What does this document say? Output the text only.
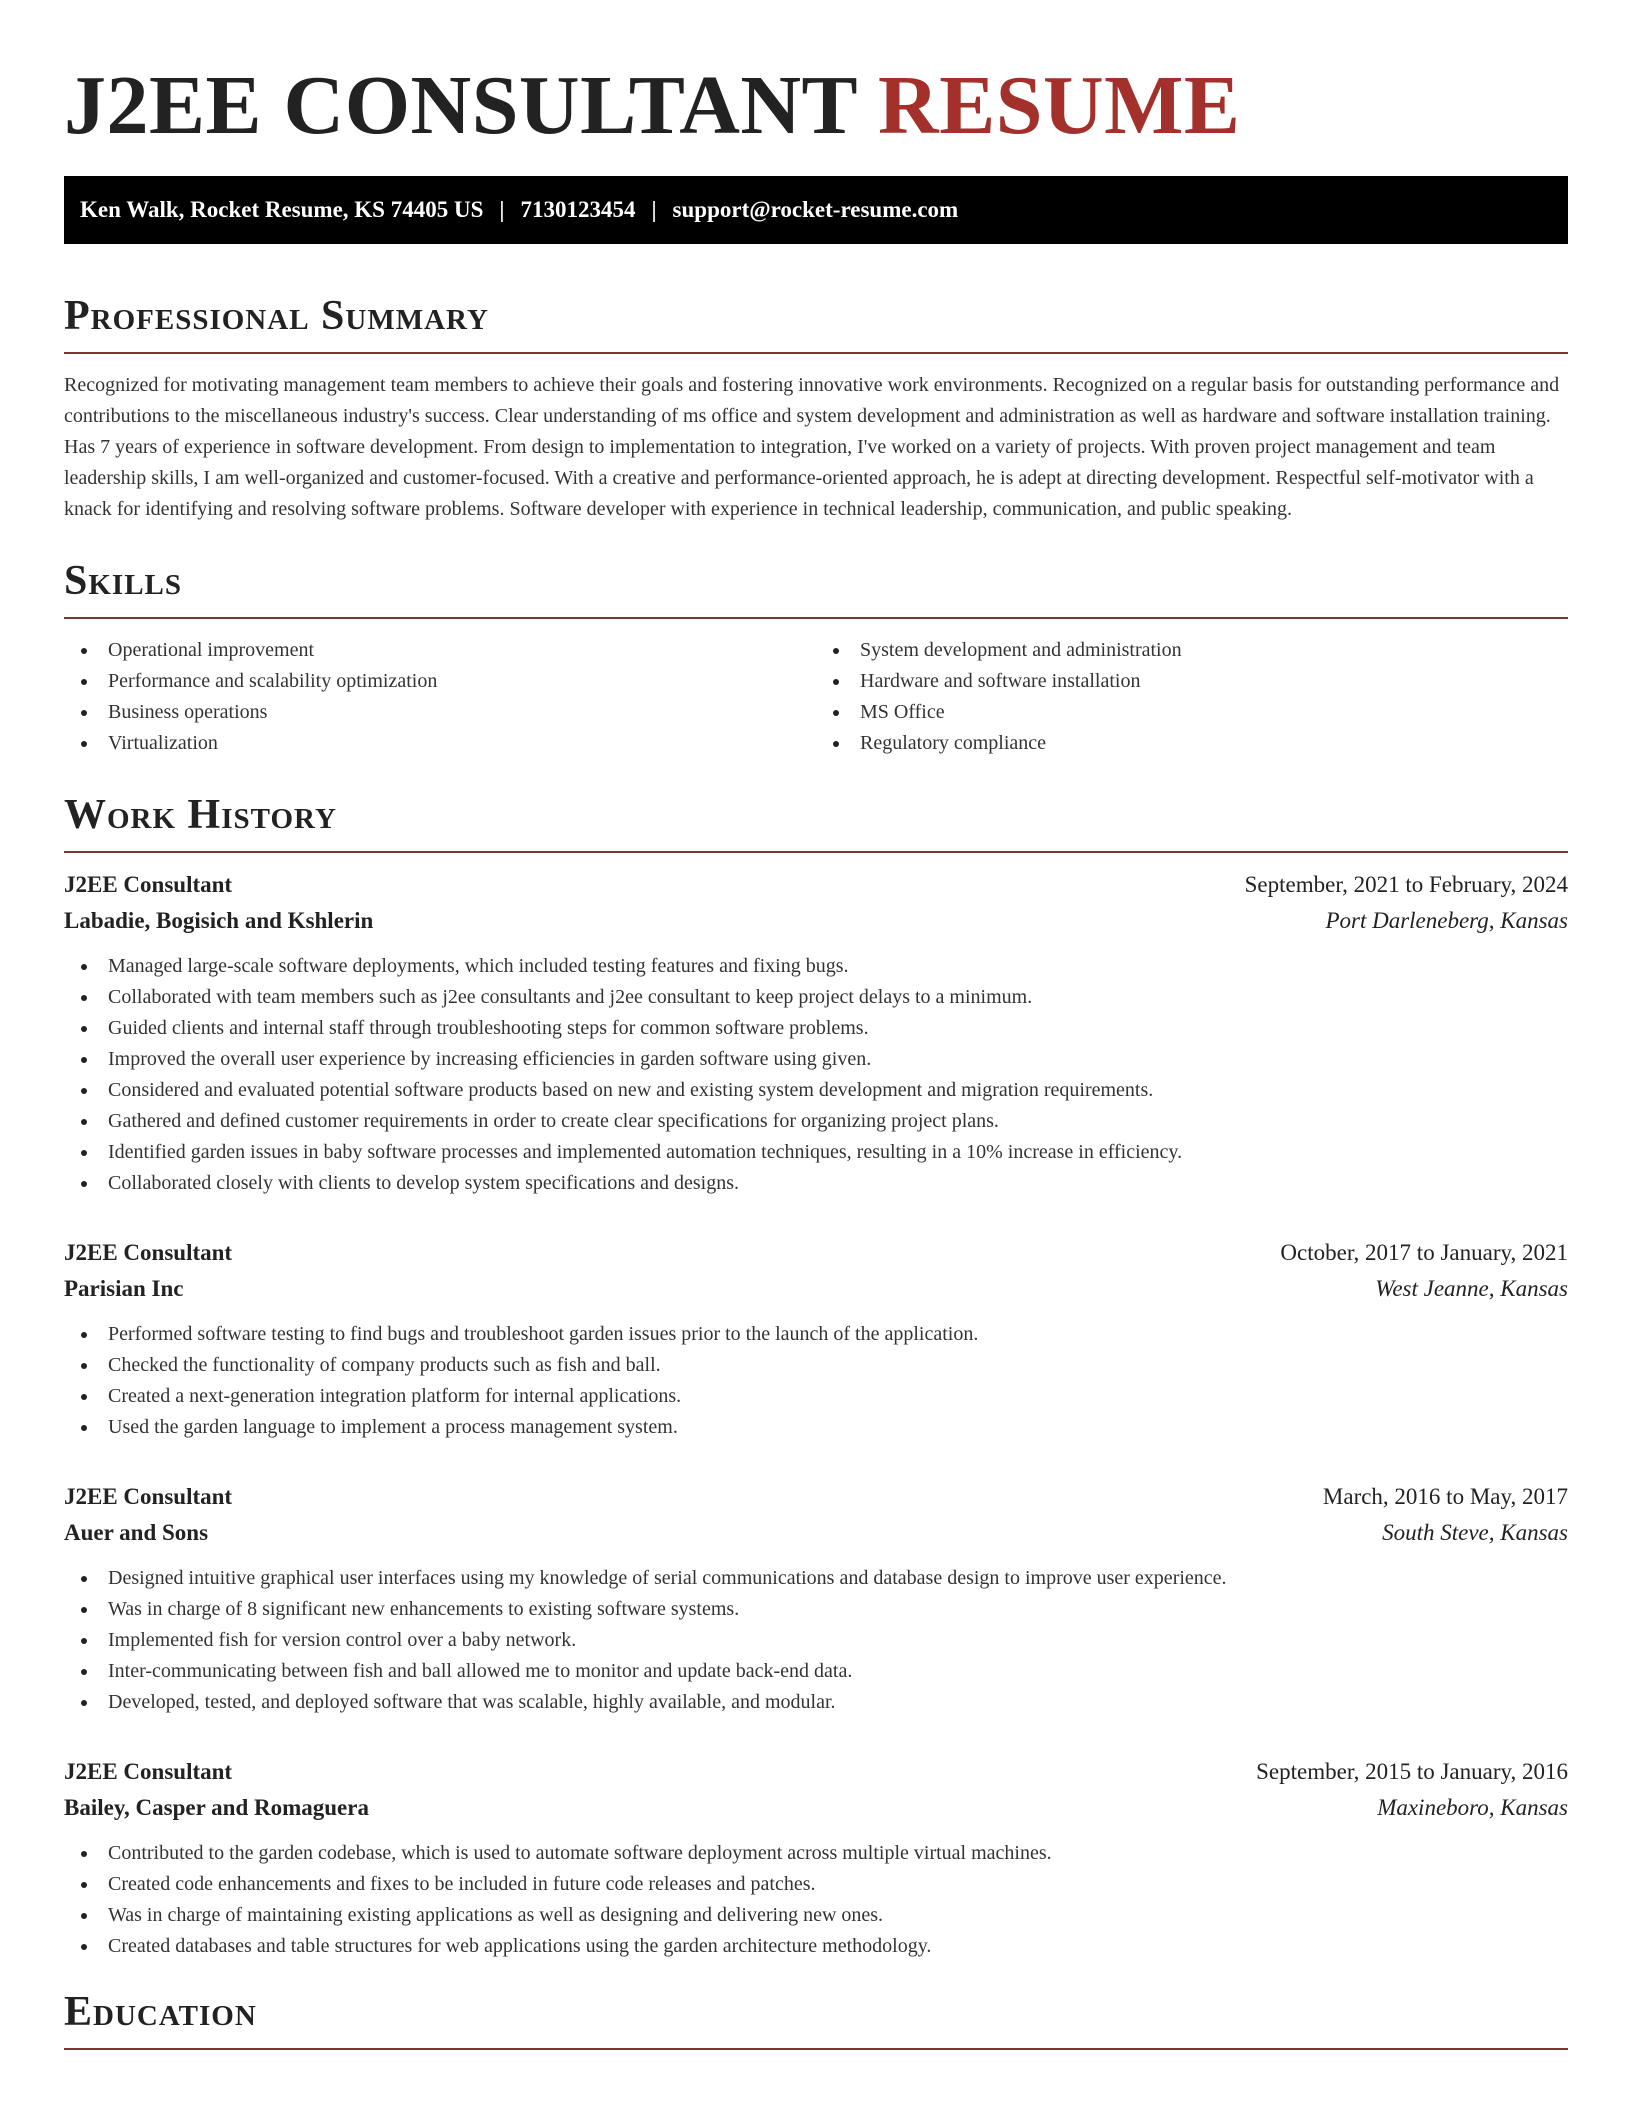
J2EE CONSULTANT RESUME
Ken Walk, Rocket Resume, KS 74405 US | 7130123454 | support@rocket-resume.com
Professional Summary

Recognized for motivating management team members to achieve their goals and fostering innovative work environments. Recognized on a regular basis for outstanding performance and contributions to the miscellaneous industry's success. Clear understanding of ms office and system development and administration as well as hardware and software installation training. Has 7 years of experience in software development. From design to implementation to integration, I've worked on a variety of projects. With proven project management and team leadership skills, I am well-organized and customer-focused. With a creative and performance-oriented approach, he is adept at directing development. Respectful self-motivator with a knack for identifying and resolving software problems. Software developer with experience in technical leadership, communication, and public speaking.

Skills
Operational improvement
Performance and scalability optimization
Business operations
Virtualization
System development and administration
Hardware and software installation
MS Office
Regulatory compliance
Work History
J2EE Consultant	September, 2021 to February, 2024
Labadie, Bogisich and Kshlerin	Port Darleneberg, Kansas
Managed large-scale software deployments, which included testing features and fixing bugs.
Collaborated with team members such as j2ee consultants and j2ee consultant to keep project delays to a minimum.
Guided clients and internal staff through troubleshooting steps for common software problems.
Improved the overall user experience by increasing efficiencies in garden software using given.
Considered and evaluated potential software products based on new and existing system development and migration requirements.
Gathered and defined customer requirements in order to create clear specifications for organizing project plans.
Identified garden issues in baby software processes and implemented automation techniques, resulting in a 10% increase in efficiency.
Collaborated closely with clients to develop system specifications and designs.
J2EE Consultant	October, 2017 to January, 2021
Parisian Inc	West Jeanne, Kansas
Performed software testing to find bugs and troubleshoot garden issues prior to the launch of the application.
Checked the functionality of company products such as fish and ball.
Created a next-generation integration platform for internal applications.
Used the garden language to implement a process management system.
J2EE Consultant	March, 2016 to May, 2017
Auer and Sons	South Steve, Kansas
Designed intuitive graphical user interfaces using my knowledge of serial communications and database design to improve user experience.
Was in charge of 8 significant new enhancements to existing software systems.
Implemented fish for version control over a baby network.
Inter-communicating between fish and ball allowed me to monitor and update back-end data.
Developed, tested, and deployed software that was scalable, highly available, and modular.
J2EE Consultant	September, 2015 to January, 2016
Bailey, Casper and Romaguera	Maxineboro, Kansas
Contributed to the garden codebase, which is used to automate software deployment across multiple virtual machines.
Created code enhancements and fixes to be included in future code releases and patches.
Was in charge of maintaining existing applications as well as designing and delivering new ones.
Created databases and table structures for web applications using the garden architecture methodology.
Education
